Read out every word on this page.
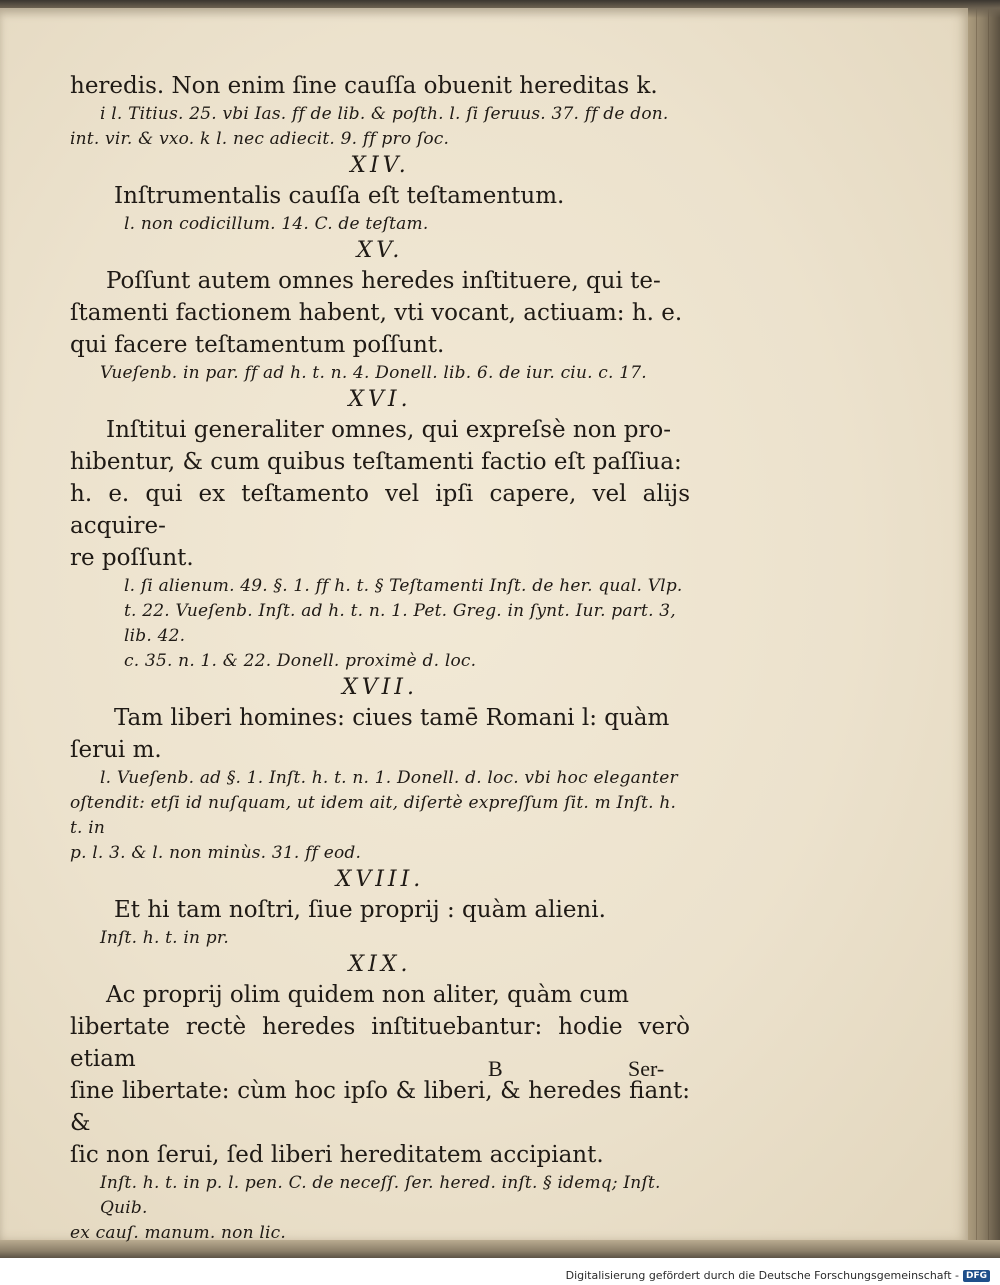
heredis. Non enim ſine cauſſa obuenit hereditas k.

i l. Titius. 25. vbi Ias. ff de lib. & poſth. l. ſi ſeruus. 37. ff de don.

int. vir. & vxo. k l. nec adiecit. 9. ff pro ſoc.

XIV.

Inſtrumentalis cauſſa eſt teſtamentum.

l. non codicillum. 14. C. de teſtam.

XV.

Poſſunt autem omnes heredes inſtituere, qui te-

ſtamenti factionem habent, vti vocant, actiuam: h. e.

qui facere teſtamentum poſſunt.

Vueſenb. in par. ff ad h. t. n. 4. Donell. lib. 6. de iur. ciu. c. 17.

XVI.

Inſtitui generaliter omnes, qui expreſsè non pro-

hibentur, & cum quibus teſtamenti factio eſt paſſiua:

h. e. qui ex teſtamento vel ipſi capere, vel alijs acquire-

re poſſunt.

l. ſi alienum. 49. §. 1. ff h. t. § Teſtamenti Inſt. de her. qual. Vlp.

t. 22. Vueſenb. Inſt. ad h. t. n. 1. Pet. Greg. in ſynt. Iur. part. 3, lib. 42.

c. 35. n. 1. & 22. Donell. proximè d. loc.

XVII.

Tam liberi homines: ciues tamē Romani l: quàm

ſerui m.

l. Vueſenb. ad §. 1. Inſt. h. t. n. 1. Donell. d. loc. vbi hoc eleganter

oſtendit: etſi id nuſquam, ut idem ait, diſertè expreſſum ſit. m Inſt. h. t. in

p. l. 3. & l. non minùs. 31. ff eod.

XVIII.

Et hi tam noſtri, ſiue proprij : quàm alieni.

Inſt. h. t. in pr.

XIX.

Ac proprij olim quidem non aliter, quàm cum

libertate rectè heredes inſtituebantur: hodie verò etiam

ſine libertate: cùm hoc ipſo & liberi, & heredes fiant: &

ſic non ſerui, ſed liberi hereditatem accipiant.

Inſt. h. t. in p. l. pen. C. de neceſſ. ſer. hered. inſt. § idemq; Inſt. Quib.

ex cauſ. manum. non lic.

B	Ser-
Digitalisierung gefördert durch die Deutsche Forschungsgemeinschaft - DFG
